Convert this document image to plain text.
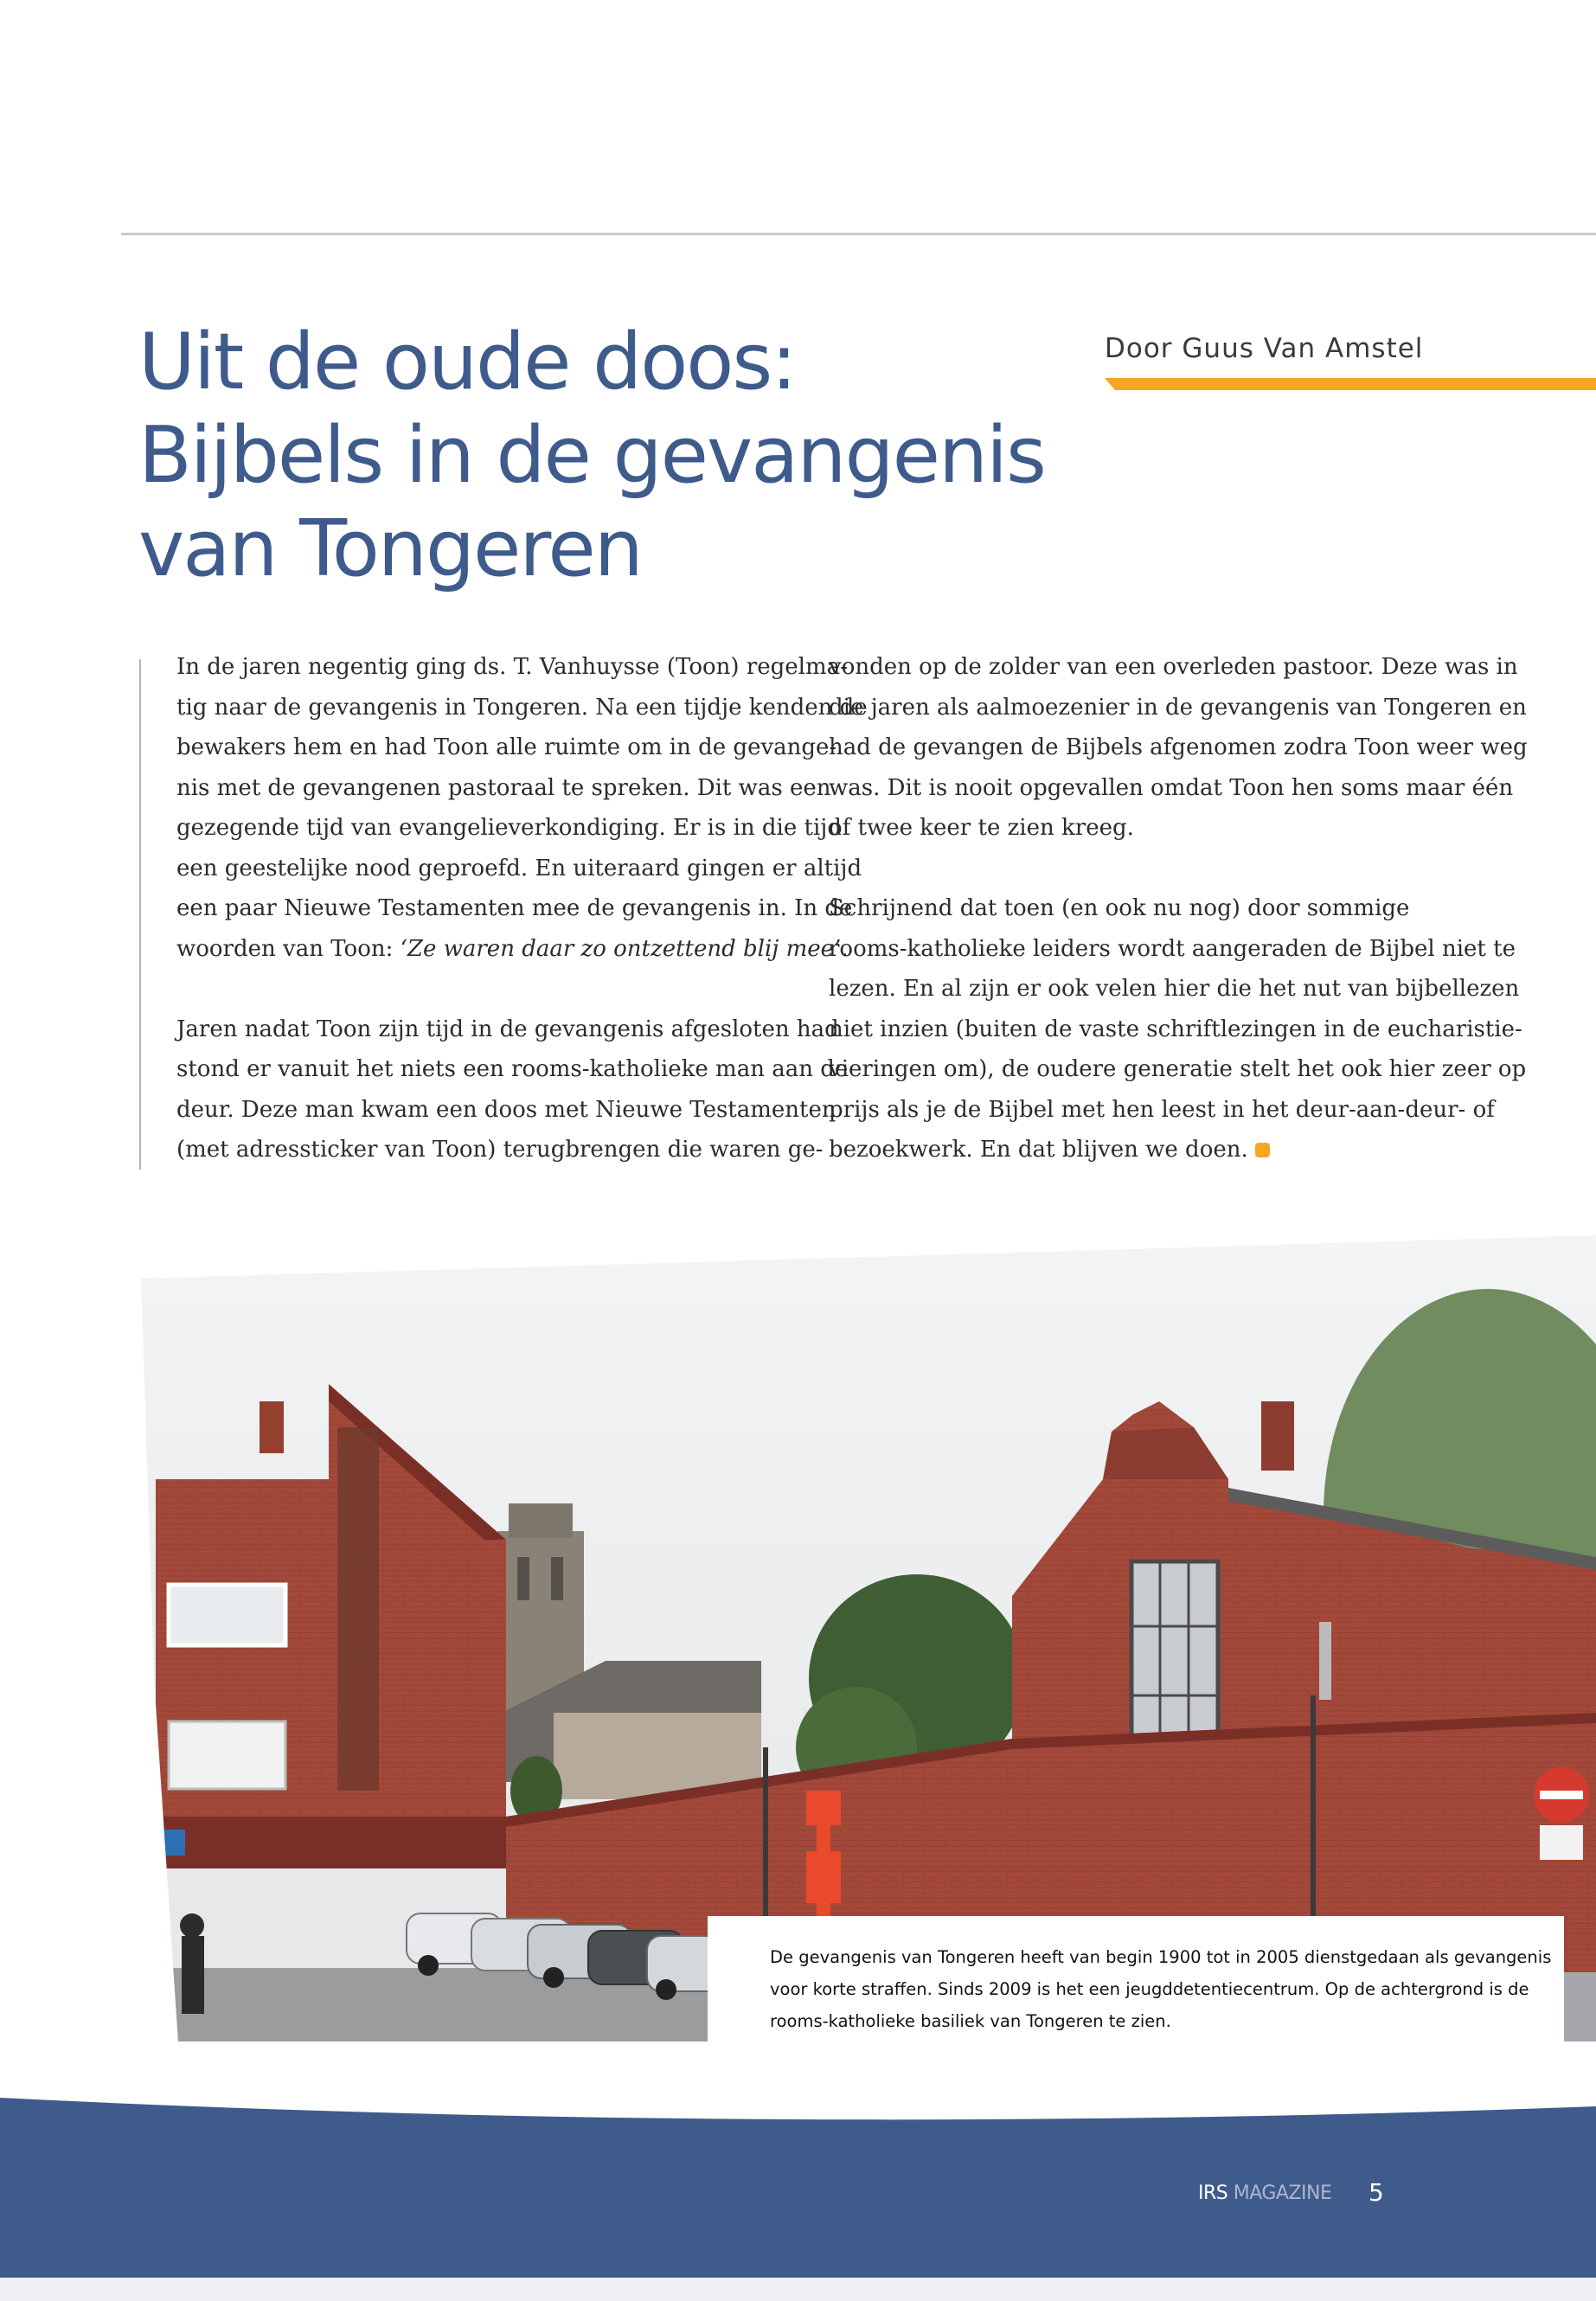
Uit de oude doos:
Bijbels in de gevangenis
van Tongeren
Door Guus Van Amstel

In de jaren negentig ging ds. T. Vanhuysse (Toon) regelma-
tig naar de gevangenis in Tongeren. Na een tijdje kenden de
bewakers hem en had Toon alle ruimte om in de gevange-
nis met de gevangenen pastoraal te spreken. Dit was een
gezegende tijd van evangelieverkondiging. Er is in die tijd
een geestelijke nood geproefd. En uiteraard gingen er altijd
een paar Nieuwe Testamenten mee de gevangenis in. In de
woorden van Toon: ‘Ze waren daar zo ontzettend blij mee’.

Jaren nadat Toon zijn tijd in de gevangenis afgesloten had
stond er vanuit het niets een rooms-katholieke man aan de
deur. Deze man kwam een doos met Nieuwe Testamenten
(met adressticker van Toon) terugbrengen die waren ge-

vonden op de zolder van een overleden pastoor. Deze was in
die jaren als aalmoezenier in de gevangenis van Tongeren en
had de gevangen de Bijbels afgenomen zodra Toon weer weg
was. Dit is nooit opgevallen omdat Toon hen soms maar één
of twee keer te zien kreeg.

Schrijnend dat toen (en ook nu nog) door sommige
rooms-katholieke leiders wordt aangeraden de Bijbel niet te
lezen. En al zijn er ook velen hier die het nut van bijbellezen
niet inzien (buiten de vaste schriftlezingen in de eucharistie-
vieringen om), de oudere generatie stelt het ook hier zeer op
prijs als je de Bijbel met hen leest in het deur-aan-deur- of
bezoekwerk. En dat blijven we doen.

De gevangenis van Tongeren heeft van begin 1900 tot in 2005 dienstgedaan als gevangenis
voor korte straffen. Sinds 2009 is het een jeugddetentiecentrum. Op de achtergrond is de
rooms-katholieke basiliek van Tongeren te zien.
IRS MAGAZINE 5
